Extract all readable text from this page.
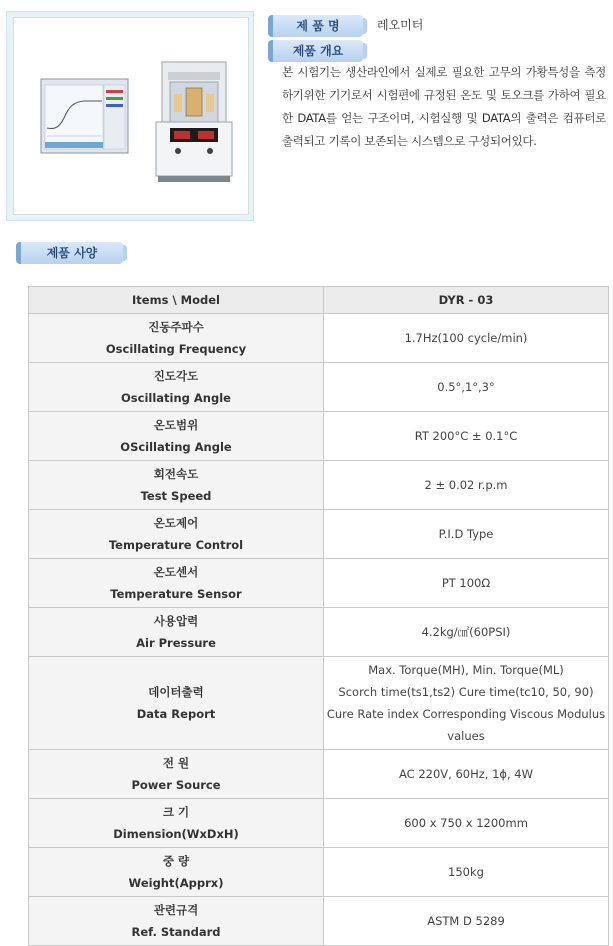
제 품 명	레오미터
제품 개요
본 시험기는 생산라인에서 실제로 필요한 고무의 가황특성을 측정하기위한 기기로서 시험편에 규정된 온도 및 토오크를 가하여 필요한 DATA를 얻는 구조이며, 시험실행 및 DATA의 출력은 컴퓨터로 출력되고 기록이 보존되는 시스템으로 구성되어있다.
제품 사양
Items \ Model	DYR - 03

진동주파수
Oscillating Frequency	1.7Hz(100 cycle/min)

진도각도
Oscillating Angle	0.5°,1°,3°

온도범위
OScillating Angle	RT 200°C ± 0.1°C

회전속도
Test Speed	2 ± 0.02 r.p.m

온도제어
Temperature Control	P.I.D Type

온도센서
Temperature Sensor	PT 100Ω

사용압력
Air Pressure	4.2kg/㎠(60PSI)

데이터출력
Data Report	Max. Torque(MH), Min. Torque(ML)
Scorch time(ts1,ts2) Cure time(tc10, 50, 90)
Cure Rate index Corresponding Viscous Modulus
values

전 원
Power Source	AC 220V, 60Hz, 1ϕ, 4W

크 기
Dimension(WxDxH)	600 x 750 x 1200mm

중 량
Weight(Apprx)	150kg

관련규격
Ref. Standard	ASTM D 5289
